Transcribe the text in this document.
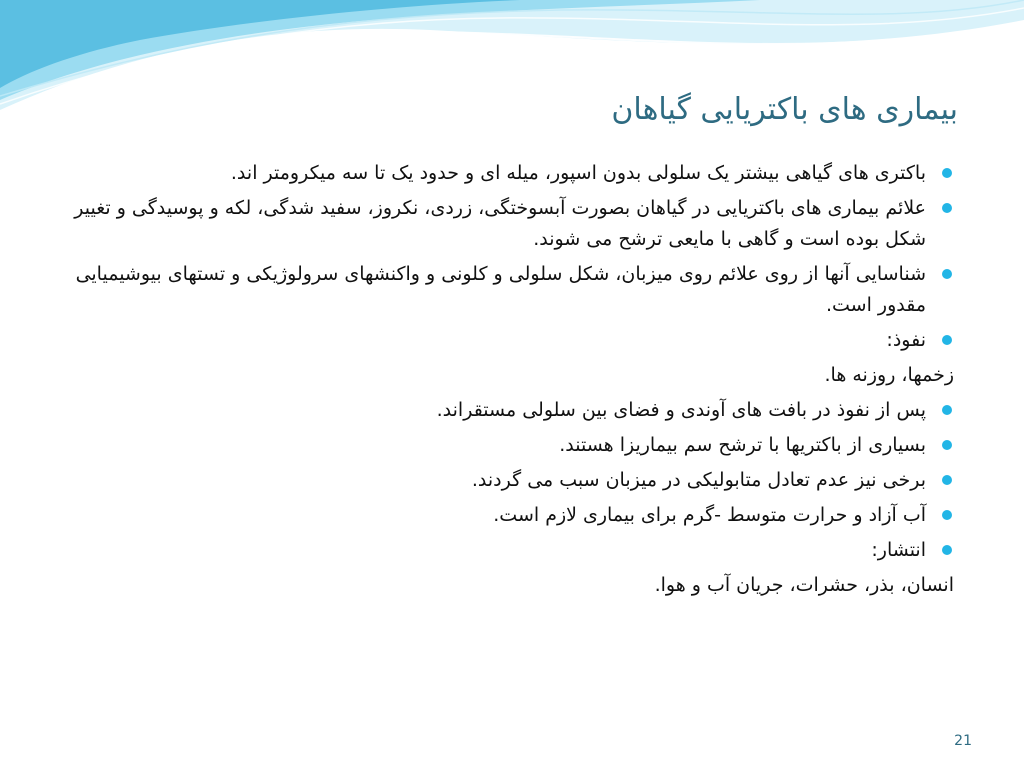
بیماری های باکتریایی گیاهان
باکتری های گیاهی بیشتر یک سلولی بدون اسپور، میله ای و حدود یک تا سه میکرومتر اند.
علائم بیماری های باکتریایی در گیاهان بصورت آبسوختگی، زردی، نکروز، سفید شدگی، لکه و پوسیدگی و تغییر شکل بوده است و گاهی با مایعی ترشح می شوند.
شناسایی آنها از روی علائم روی میزبان، شکل سلولی و کلونی و واکنشهای سرولوژیکی و تستهای بیوشیمیایی مقدور است.
نفوذ:
زخمها، روزنه ها.
پس از نفوذ در بافت های آوندی و فضای بین سلولی مستقراند.
بسیاری از باکتریها با ترشح سم بیماریزا هستند.
برخی نیز عدم تعادل متابولیکی در میزبان سبب می گردند.
آب آزاد و حرارت متوسط -گرم برای بیماری لازم است.
انتشار:
انسان، بذر، حشرات، جریان آب و هوا.
21
